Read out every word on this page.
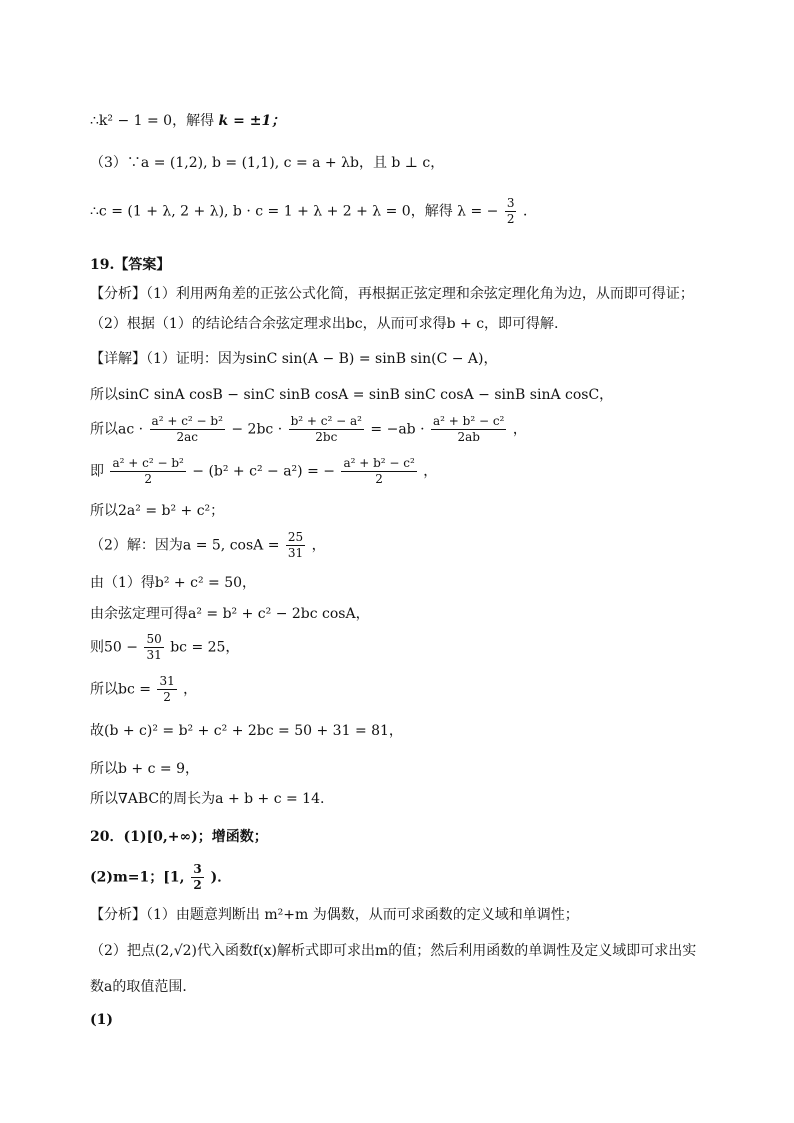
∴k² − 1 = 0，解得 k = ±1；
（3）∵a = (1,2), b = (1,1), c = a + λb，且 b ⊥ c，
∴c = (1 + λ, 2 + λ), b · c = 1 + λ + 2 + λ = 0，解得 λ = − $\frac{3}{2}$ ．
19.【答案】
【分析】（1）利用两角差的正弦公式化简，再根据正弦定理和余弦定理化角为边，从而即可得证；
（2）根据（1）的结论结合余弦定理求出bc，从而可求得b + c，即可得解.
【详解】（1）证明：因为sinC sin(A − B) = sinB sin(C − A)，
所以sinC sinA cosB − sinC sinB cosA = sinB sinC cosA − sinB sinA cosC，
所以ac · $\frac{\text{a² + c² − b²}}{2ac} - 2bc \cdot \frac{\text{b² + c² − a²}}{2bc} = -ab \cdot \frac{\text{a² + b² − c²}}{2ab}$ ，
即 $\frac{\text{a² + c² − b²}}{2} - (b^2 + c^2 - a^2)$ = − $\frac{\text{a² + b² − c²}}{2}$ ，
所以2a² = b² + c²；
（2）解：因为a = 5, $\cos A = \frac{25}{31}$ ，
由（1）得b² + c² = 50，
由余弦定理可得a² = b² + c² − 2bc cosA，
则$50 - \frac{50}{31}$ bc = 25，
所以bc = $\frac{31}{2}$ ，
故(b + c)² = b² + c² + 2bc = 50 + 31 = 81，
所以b + c = 9，
所以∇ABC的周长为a + b + c = 14.
20．(1)[0,+∞)；增函数；
(2)m=1；[1, $\frac{3}{2}$ )．
【分析】（1）由题意判断出 m²+m 为偶数，从而可求函数的定义域和单调性；
（2）把点(2,√2)代入函数f(x)解析式即可求出m的值；然后利用函数的单调性及定义域即可求出实
数a的取值范围．
(1)
